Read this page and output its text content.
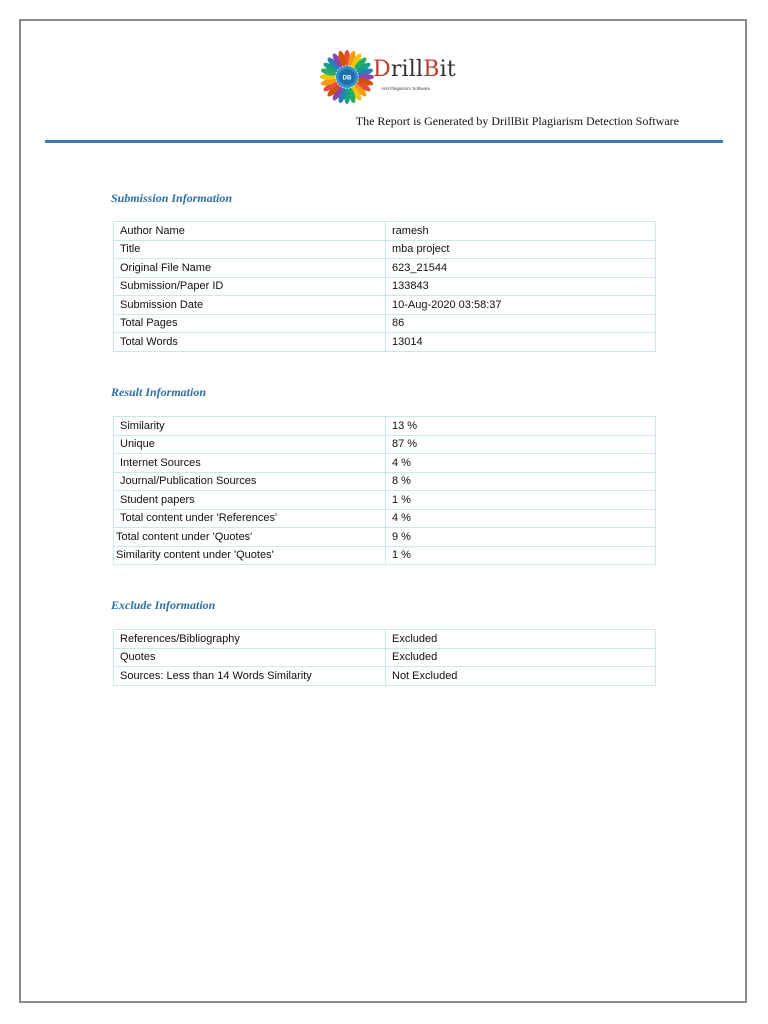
DB DrillBit
Anti Plagiarism Software
The Report is Generated by DrillBit Plagiarism Detection Software
Submission Information
Author Name	ramesh
Title	mba project
Original File Name	623_21544
Submission/Paper ID	133843
Submission Date	10-Aug-2020 03:58:37
Total Pages	86
Total Words	13014
Result Information
Similarity	13 %
Unique	87 %
Internet Sources	4 %
Journal/Publication Sources	8 %
Student papers	1 %
Total content under 'References'	4 %
Total content under 'Quotes'	9 %
Similarity content under 'Quotes'	1 %
Exclude Information
References/Bibliography	Excluded
Quotes	Excluded
Sources: Less than 14 Words Similarity	Not Excluded
